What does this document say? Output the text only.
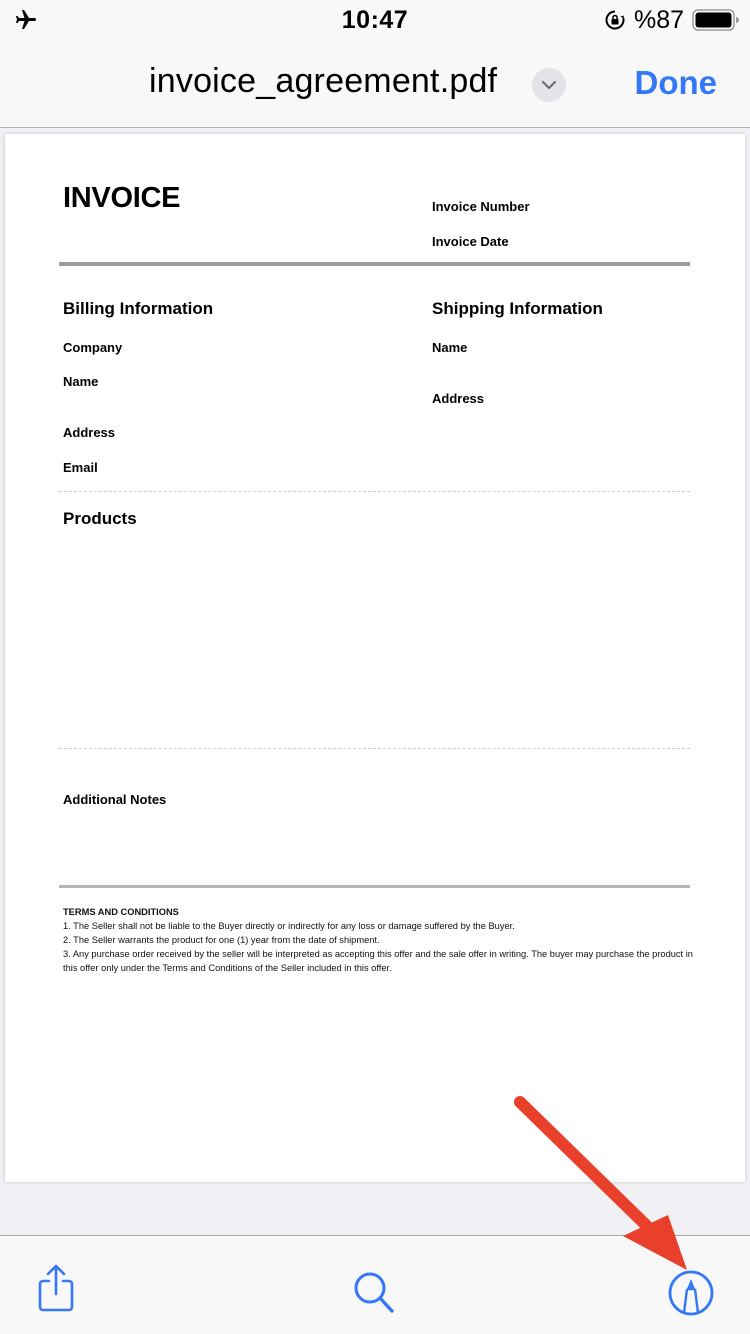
10:47	%87
invoice_agreement.pdf	Done
INVOICE	Invoice Number
Invoice Date
Billing Information
Company
Name
Address
Email
Shipping Information
Name
Address
Products
Additional Notes
TERMS AND CONDITIONS
1. The Seller shall not be liable to the Buyer directly or indirectly for any loss or damage suffered by the Buyer.
2. The Seller warrants the product for one (1) year from the date of shipment.
3. Any purchase order received by the seller will be interpreted as accepting this offer and the sale offer in writing. The buyer may purchase the product in this offer only under the Terms and Conditions of the Seller included in this offer.
